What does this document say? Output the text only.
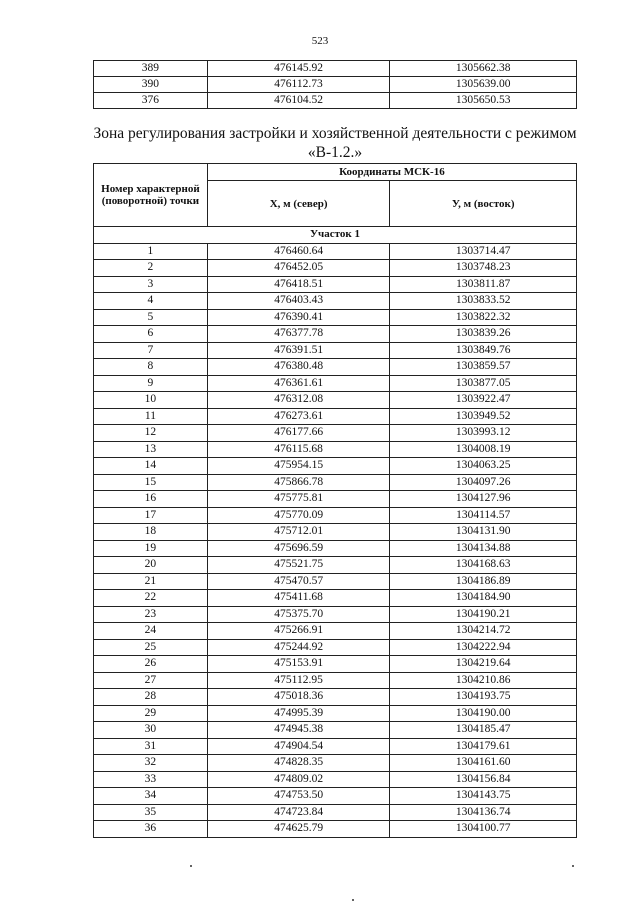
523
389	476145.92	1305662.38
390	476112.73	1305639.00
376	476104.52	1305650.53
Зона регулирования застройки и хозяйственной деятельности с режимом «В-1.2.»
Номер характерной (поворотной) точки	Координаты МСК-16	
	X, м (север)	У, м (восток)
Участок 1		
1	476460.64	1303714.47
2	476452.05	1303748.23
3	476418.51	1303811.87
4	476403.43	1303833.52
5	476390.41	1303822.32
6	476377.78	1303839.26
7	476391.51	1303849.76
8	476380.48	1303859.57
9	476361.61	1303877.05
10	476312.08	1303922.47
11	476273.61	1303949.52
12	476177.66	1303993.12
13	476115.68	1304008.19
14	475954.15	1304063.25
15	475866.78	1304097.26
16	475775.81	1304127.96
17	475770.09	1304114.57
18	475712.01	1304131.90
19	475696.59	1304134.88
20	475521.75	1304168.63
21	475470.57	1304186.89
22	475411.68	1304184.90
23	475375.70	1304190.21
24	475266.91	1304214.72
25	475244.92	1304222.94
26	475153.91	1304219.64
27	475112.95	1304210.86
28	475018.36	1304193.75
29	474995.39	1304190.00
30	474945.38	1304185.47
31	474904.54	1304179.61
32	474828.35	1304161.60
33	474809.02	1304156.84
34	474753.50	1304143.75
35	474723.84	1304136.74
36	474625.79	1304100.77
